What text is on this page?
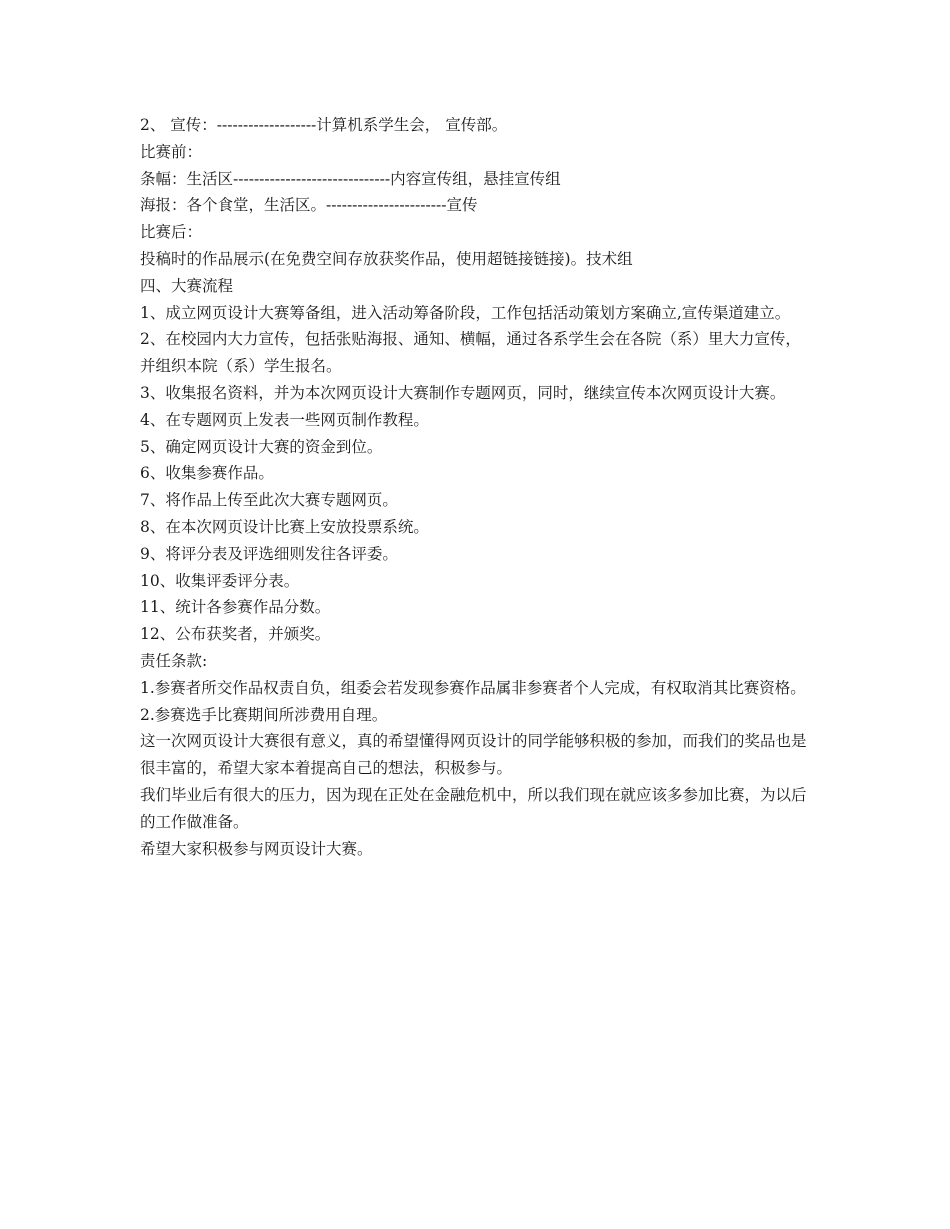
2、 宣传：-------------------计算机系学生会， 宣传部。

比赛前：

条幅：生活区------------------------------内容宣传组，悬挂宣传组

海报：各个食堂，生活区。-----------------------宣传

比赛后：

投稿时的作品展示(在免费空间存放获奖作品，使用超链接链接)。技术组

四、大赛流程

1、成立网页设计大赛筹备组，进入活动筹备阶段，工作包括活动策划方案确立,宣传渠道建立。

2、在校园内大力宣传，包括张贴海报、通知、横幅，通过各系学生会在各院（系）里大力宣传，并组织本院（系）学生报名。

3、收集报名资料，并为本次网页设计大赛制作专题网页，同时，继续宣传本次网页设计大赛。

4、在专题网页上发表一些网页制作教程。

5、确定网页设计大赛的资金到位。

6、收集参赛作品。

7、将作品上传至此次大赛专题网页。

8、在本次网页设计比赛上安放投票系统。

9、将评分表及评选细则发往各评委。

10、收集评委评分表。

11、统计各参赛作品分数。

12、公布获奖者，并颁奖。

责任条款:

1.参赛者所交作品权责自负，组委会若发现参赛作品属非参赛者个人完成，有权取消其比赛资格。

2.参赛选手比赛期间所涉费用自理。

这一次网页设计大赛很有意义，真的希望懂得网页设计的同学能够积极的参加，而我们的奖品也是很丰富的，希望大家本着提高自己的想法，积极参与。

我们毕业后有很大的压力，因为现在正处在金融危机中，所以我们现在就应该多参加比赛，为以后的工作做准备。

希望大家积极参与网页设计大赛。
